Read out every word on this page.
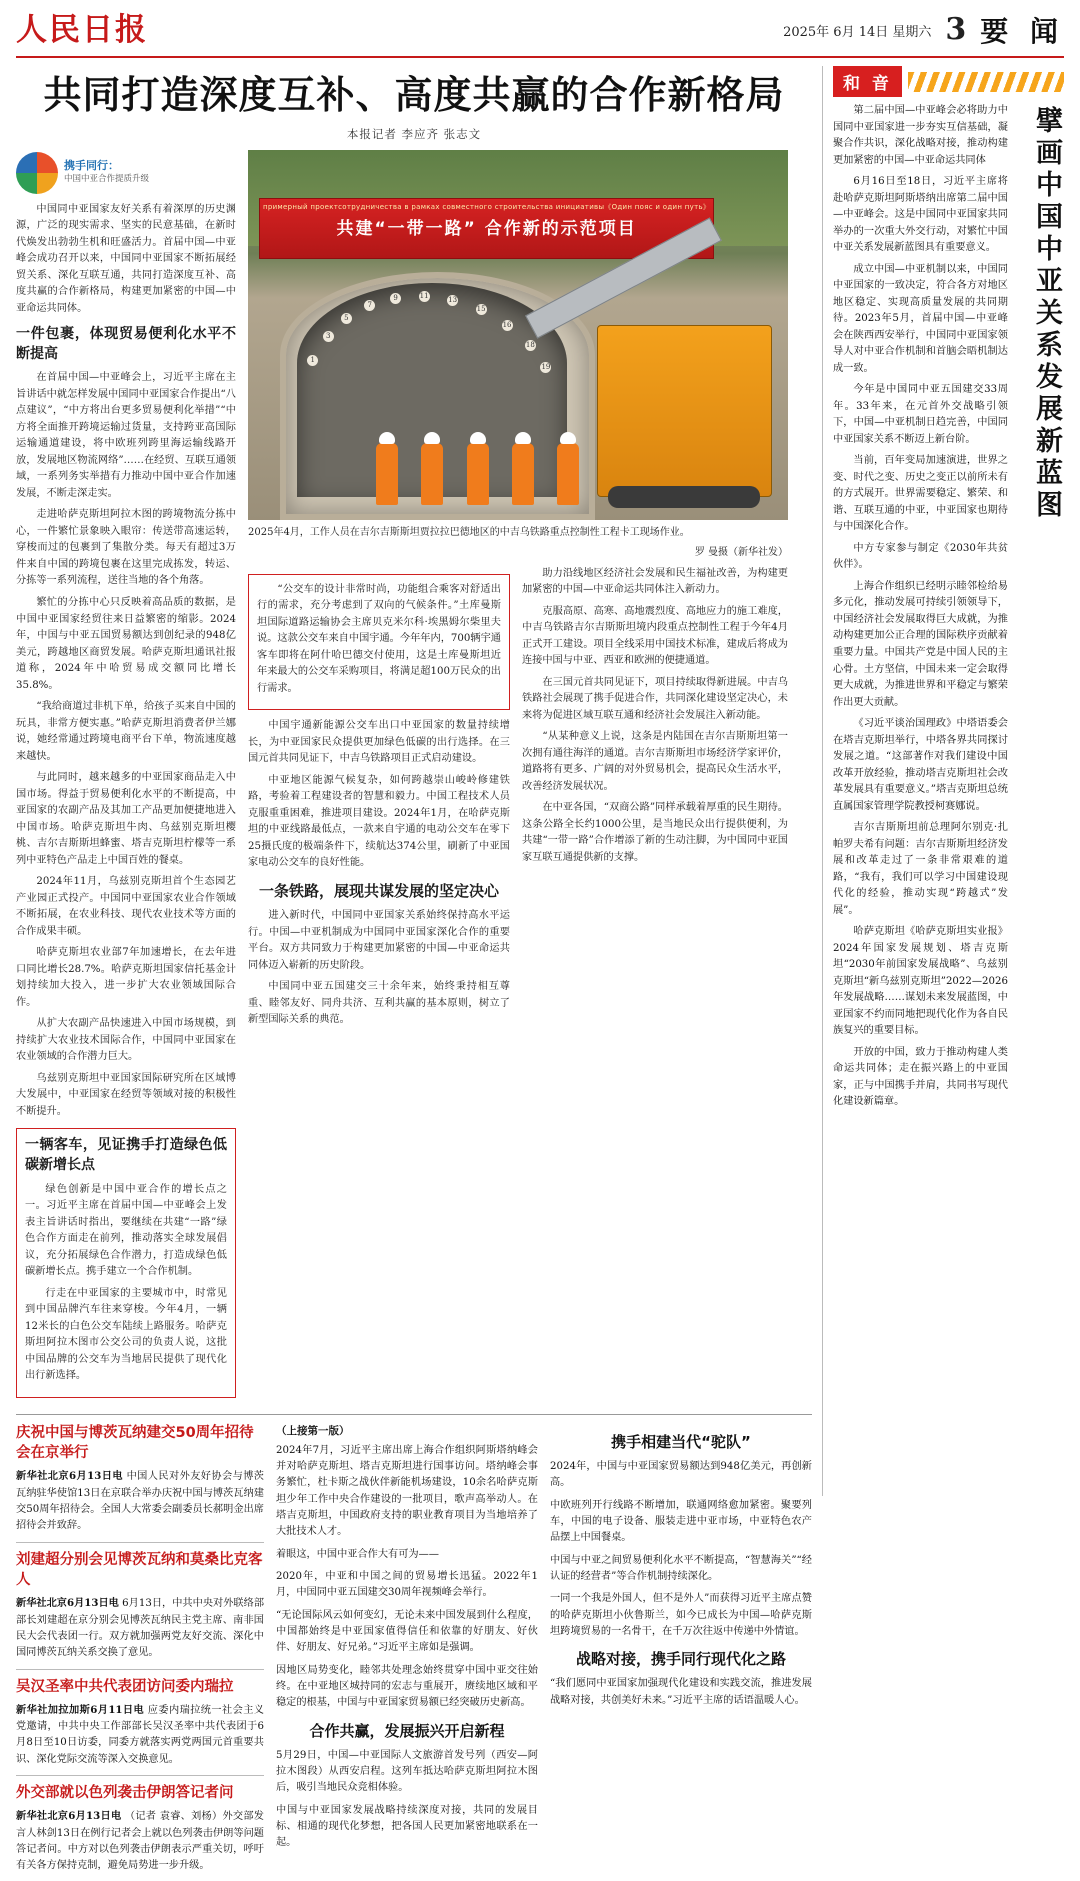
人民日报	2025年 6月 14日 星期六 3 要 闻
共同打造深度互补、高度共赢的合作新格局
本报记者 李应齐 张志文
携手同行：
中国中亚合作提质升级

中国同中亚国家友好关系有着深厚的历史渊源，广泛的现实需求、坚实的民意基础，在新时代焕发出勃勃生机和旺盛活力。首届中国—中亚峰会成功召开以来，中国同中亚国家不断拓展经贸关系、深化互联互通，共同打造深度互补、高度共赢的合作新格局，构建更加紧密的中国—中亚命运共同体。

一件包裹，体现贸易便利化水平不断提高

在首届中国—中亚峰会上，习近平主席在主旨讲话中就怎样发展中国同中亚国家合作提出“八点建议”，“中方将出台更多贸易便利化举措”“中方将全面推开跨境运输过货量，支持跨亚高国际运输通道建设，将中欧班列跨里海运输线路开放，发展地区物流网络”……在经贸、互联互通领域，一系列务实举措有力推动中国中亚合作加速发展，不断走深走实。

走进哈萨克斯坦阿拉木图的跨境物流分拣中心，一件繁忙景象映入眼帘：传送带高速运转，穿梭而过的包裹到了集散分类。每天有超过3万件来自中国的跨境包裹在这里完成拣发，转运、分拣等一系列流程，送往当地的各个角落。

繁忙的分拣中心只反映着高品质的数据，是中国中亚国家经贸往来日益繁密的缩影。2024年，中国与中亚五国贸易额达到创纪录的948亿美元，跨越地区商贸发展。哈萨克斯坦通讯社报道称，2024年中哈贸易成交额同比增长35.8%。

“我给商道过非机下单，给孩子买来自中国的玩具，非常方便实惠。”哈萨克斯坦消费者伊兰娜说，她经常通过跨境电商平台下单，物流速度越来越快。

与此同时，越来越多的中亚国家商品走入中国市场。得益于贸易便利化水平的不断提高，中亚国家的农副产品及其加工产品更加便捷地进入中国市场。哈萨克斯坦牛肉、乌兹别克斯坦樱桃、吉尔吉斯斯坦蜂蜜、塔吉克斯坦柠檬等一系列中亚特色产品走上中国百姓的餐桌。

2024年11月，乌兹别克斯坦首个生态园艺产业园正式投产。中国同中亚国家农业合作领域不断拓展，在农业科技、现代农业技术等方面的合作成果丰硕。

哈萨克斯坦农业部7年加速增长，在去年进口同比增长28.7%。哈萨克斯坦国家信托基金计划持续加大投入，进一步扩大农业领域国际合作。

从扩大农副产品快速进入中国市场规模，到持续扩大农业技术国际合作，中国同中亚国家在农业领域的合作潜力巨大。

乌兹别克斯坦中亚国家国际研究所在区域博大发展中，中亚国家在经贸等领域对接的积极性不断提升。

一辆客车，见证携手打造绿色低碳新增长点

绿色创新是中国中亚合作的增长点之一。习近平主席在首届中国—中亚峰会上发表主旨讲话时指出，要继续在共建“一路”绿色合作方面走在前列，推动落实全球发展倡议，充分拓展绿色合作潜力，打造成绿色低碳新增长点。携手建立一个合作机制。

行走在中亚国家的主要城市中，时常见到中国品牌汽车往来穿梭。今年4月，一辆12米长的白色公交车陆续上路服务。哈萨克斯坦阿拉木图市公交公司的负责人说，这批中国品牌的公交车为当地居民提供了现代化出行新选择。

примерный проектсотрудничества в рамках совместного строительства инициативы《Один пояс и один путь》
共建“一带一路” 合作新的示范项目
1
3
5
7
9	11
13
15
16
18
19
2025年4月，工作人员在吉尔吉斯斯坦贾拉拉巴德地区的中吉乌铁路重点控制性工程卡工现场作业。
罗 曼摄（新华社发）

“公交车的设计非常时尚，功能组合乘客对舒适出行的需求，充分考虑到了双向的气候条件。”土库曼斯坦国际道路运输协会主席贝克米尔科·埃黑姆尔柴里夫说。这款公交车来自中国宇通。今年年内，700辆宇通客车即将在阿什哈巴德交付使用，这是土库曼斯坦近年来最大的公交车采购项目，将满足超100万民众的出行需求。

中国宇通新能源公交车出口中亚国家的数量持续增长，为中亚国家民众提供更加绿色低碳的出行选择。在三国元首共同见证下，中吉乌铁路项目正式启动建设。

中亚地区能源气候复杂，如何跨越崇山峻岭修建铁路，考验着工程建设者的智慧和毅力。中国工程技术人员克服重重困难，推进项目建设。2024年1月，在哈萨克斯坦的中亚线路最低点，一款来自宇通的电动公交车在零下25摄氏度的极端条件下，续航达374公里，刷新了中亚国家电动公交车的良好性能。

一条铁路，展现共谋发展的坚定决心

进入新时代，中国同中亚国家关系始终保持高水平运行。中国—中亚机制成为中国同中亚国家深化合作的重要平台。双方共同致力于构建更加紧密的中国—中亚命运共同体迈入崭新的历史阶段。

中国同中亚五国建交三十余年来，始终秉持相互尊重、睦邻友好、同舟共济、互利共赢的基本原则，树立了新型国际关系的典范。

助力沿线地区经济社会发展和民生福祉改善，为构建更加紧密的中国—中亚命运共同体注入新动力。

克服高原、高寒、高地震烈度、高地应力的施工难度，中吉乌铁路吉尔吉斯斯坦境内段重点控制性工程于今年4月正式开工建设。项目全线采用中国技术标准，建成后将成为连接中国与中亚、西亚和欧洲的便捷通道。

在三国元首共同见证下，项目持续取得新进展。中吉乌铁路社会展现了携手促进合作，共同深化建设坚定决心，未来将为促进区域互联互通和经济社会发展注入新动能。

“从某种意义上说，这条是内陆国在吉尔吉斯斯坦第一次拥有通往海洋的通道。吉尔吉斯斯坦市场经济学家评价，道路将有更多、广阔的对外贸易机会，提高民众生活水平，改善经济发展状况。

在中亚各国，“双商公路”同样承载着厚重的民生期待。这条公路全长约1000公里，是当地民众出行提供便利，为共建“一带一路”合作增添了新的生动注脚，为中国同中亚国家互联互通提供新的支撑。

庆祝中国与博茨瓦纳建交50周年招待会在京举行

新华社北京6月13日电 中国人民对外友好协会与博茨瓦纳驻华使馆13日在京联合举办庆祝中国与博茨瓦纳建交50周年招待会。全国人大常委会副委员长郝明金出席招待会并致辞。

刘建超分别会见博茨瓦纳和莫桑比克客人

新华社北京6月13日电 6月13日，中共中央对外联络部部长刘建超在京分别会见博茨瓦纳民主党主席、南非国民大会代表团一行。双方就加强两党友好交流、深化中国同博茨瓦纳关系交换了意见。

吴汉圣率中共代表团访问委内瑞拉

新华社加拉加斯6月11日电 应委内瑞拉统一社会主义党邀请，中共中央工作部部长吴汉圣率中共代表团于6月8日至10日访委，同委方就落实两党两国元首重要共识、深化党际交流等深入交换意见。

外交部就以色列袭击伊朗答记者问

新华社北京6月13日电 （记者 袁睿、刘杨）外交部发言人林剑13日在例行记者会上就以色列袭击伊朗等问题答记者问。中方对以色列袭击伊朗表示严重关切，呼吁有关各方保持克制，避免局势进一步升级。

（上接第一版）

2024年7月，习近平主席出席上海合作组织阿斯塔纳峰会并对哈萨克斯坦、塔吉克斯坦进行国事访问。塔纳峰会事务繁忙，杜卡斯之战伙伴新能机场建设，10余名哈萨克斯坦少年工作中央合作建设的一批项目，歌声高举动人。在塔吉克斯坦，中国政府支持的职业教育项目为当地培养了大批技术人才。

着眼这，中国中亚合作大有可为——

2020年，中亚和中国之间的贸易增长迅猛。2022年1月，中国同中亚五国建交30周年视频峰会举行。

“无论国际风云如何变幻，无论未来中国发展到什么程度，中国都始终是中亚国家值得信任和依靠的好朋友、好伙伴、好朋友、好兄弟。”习近平主席如是强调。

因地区局势变化，睦邻共处理念始终贯穿中国中亚交往始终。在中亚地区城持同的宏志与重展开，赓续地区域和平稳定的根基，中国与中亚国家贸易额已经突破历史新高。

合作共赢，发展振兴开启新程

5月29日，中国—中亚国际人文旅游首发号列（西安—阿拉木图段）从西安启程。这列车抵达哈萨克斯坦阿拉木图后，吸引当地民众竞相体验。

中国与中亚国家发展战略持续深度对接，共同的发展目标、相通的现代化梦想，把各国人民更加紧密地联系在一起。

携手相建当代“驼队”

2024年，中国与中亚国家贸易额达到948亿美元，再创新高。

中欧班列开行线路不断增加，联通网络愈加紧密。聚要列车，中国的电子设备、服装走进中亚市场，中亚特色农产品摆上中国餐桌。

中国与中亚之间贸易便利化水平不断提高，“智慧海关”“经认证的经营者”等合作机制持续深化。

一同一个我是外国人，但不是外人”而获得习近平主席点赞的哈萨克斯坦小伙鲁斯兰，如今已成长为中国—哈萨克斯坦跨境贸易的一名骨干，在千万次往返中传递中外情谊。

战略对接，携手同行现代化之路

“我们愿同中亚国家加强现代化建设和实践交流，推进发展战略对接，共创美好未来。”习近平主席的话语温暖人心。

和 音
擘画中国中亚关系发展新蓝图

第二届中国—中亚峰会必将助力中国同中亚国家进一步夯实互信基础，凝聚合作共识，深化战略对接，推动构建更加紧密的中国—中亚命运共同体

6月16日至18日，习近平主席将赴哈萨克斯坦阿斯塔纳出席第二届中国—中亚峰会。这是中国同中亚国家共同举办的一次重大外交行动，对繁忙中国中亚关系发展新蓝图具有重要意义。

成立中国—中亚机制以来，中国同中亚国家的一致决定，符合各方对地区地区稳定、实现高质量发展的共同期待。2023年5月，首届中国—中亚峰会在陕西西安举行，中国同中亚国家领导人对中亚合作机制和首脑会晤机制达成一致。

今年是中国同中亚五国建交33周年。33年来，在元首外交战略引领下，中国—中亚机制日趋完善，中国同中亚国家关系不断迈上新台阶。

当前，百年变局加速演进，世界之变、时代之变、历史之变正以前所未有的方式展开。世界需要稳定、繁荣、和谐、互联互通的中亚，中亚国家也期待与中国深化合作。

中方专家参与制定《2030年共贫伙伴》。

上海合作组织已经明示睦邻检给易多元化，推动发展可持续引领领导下，中国经济社会发展取得巨大成就，为推动构建更加公正合理的国际秩序贡献着重要力量。中国共产党是中国人民的主心骨。土方坚信，中国未来一定会取得更大成就，为推进世界和平稳定与繁荣作出更大贡献。

《习近平谈治国理政》中塔语委会在塔吉克斯坦举行，中塔各界共同探讨发展之道。“这部著作对我们建设中国改革开放经验，推动塔吉克斯坦社会改革发展具有重要意义。”塔吉克斯坦总统直属国家管理学院教授柯赛娜说。

吉尔吉斯斯坦前总理阿尔别克·扎帕罗夫希有问题：吉尔吉斯斯坦经济发展和改革走过了一条非常艰难的道路，“我有，我们可以学习中国建设现代化的经验，推动实现“跨越式”发展”。

哈萨克斯坦《哈萨克斯坦实业报》2024年国家发展规划、塔吉克斯坦“2030年前国家发展战略”、乌兹别克斯坦“新乌兹别克斯坦”2022—2026年发展战略……谋划未来发展蓝图，中亚国家不约而同地把现代化作为各自民族复兴的重要目标。

开放的中国，致力于推动构建人类命运共同体；走在振兴路上的中亚国家，正与中国携手并肩，共同书写现代化建设新篇章。
